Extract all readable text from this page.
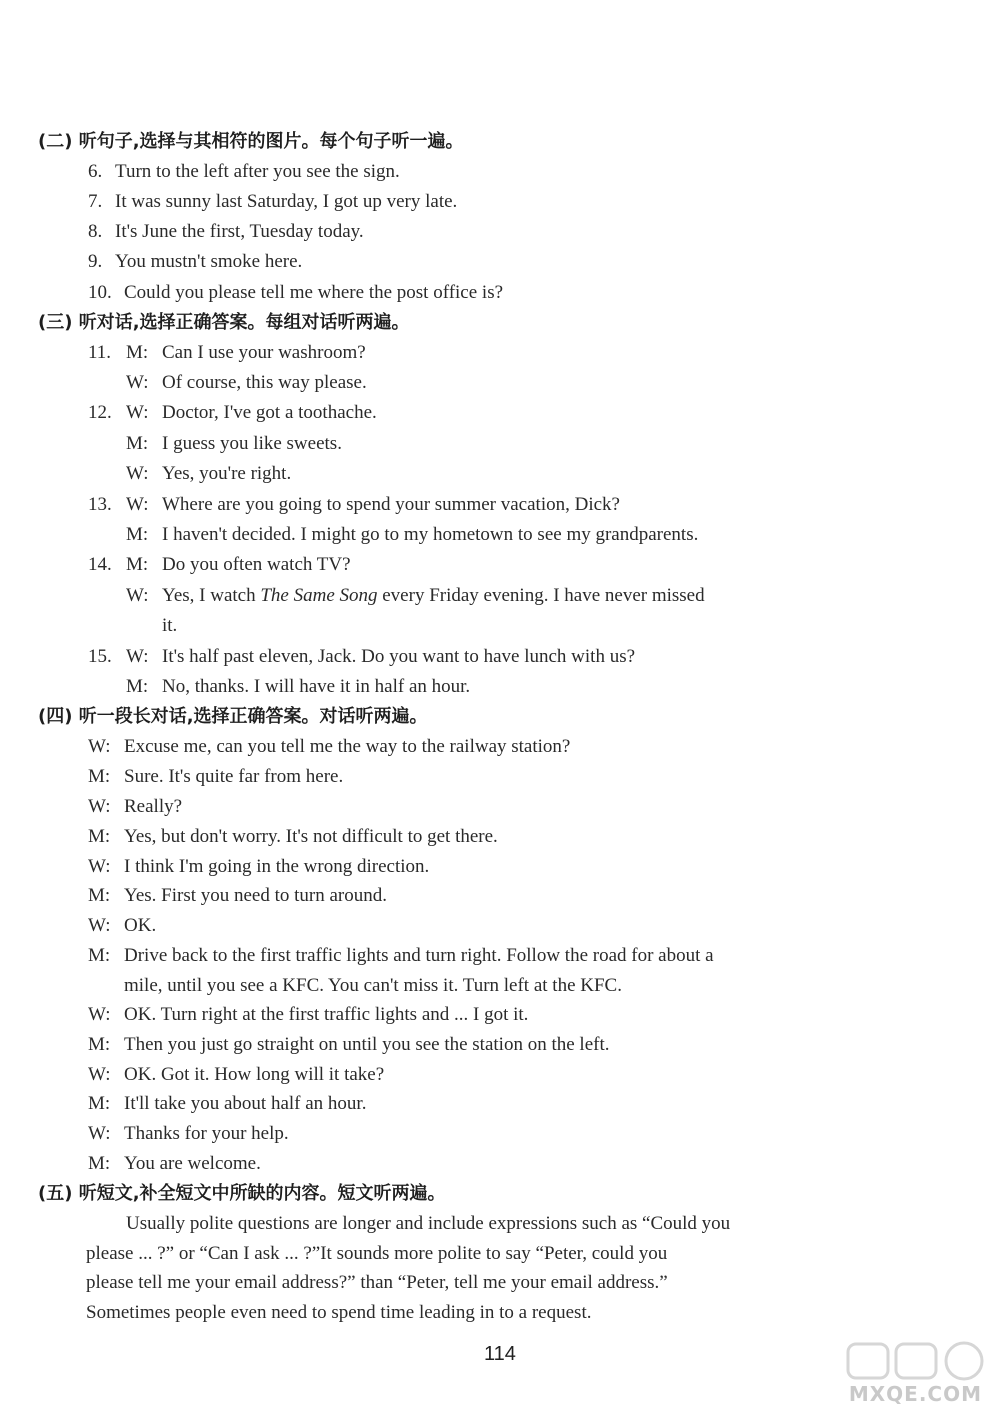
(二) 听句子,选择与其相符的图片。每个句子听一遍。
6. Turn to the left after you see the sign.
7. It was sunny last Saturday, I got up very late.
8. It's June the first, Tuesday today.
9. You mustn't smoke here.
10. Could you please tell me where the post office is?
(三) 听对话,选择正确答案。每组对话听两遍。
11. M: Can I use your washroom?
W: Of course, this way please.
12. W: Doctor, I've got a toothache.
M: I guess you like sweets.
W: Yes, you're right.
13. W: Where are you going to spend your summer vacation, Dick?
M: I haven't decided. I might go to my hometown to see my grandparents.
14. M: Do you often watch TV?
W: Yes, I watch The Same Song every Friday evening. I have never missed
it.
15. W: It's half past eleven, Jack. Do you want to have lunch with us?
M: No, thanks. I will have it in half an hour.
(四) 听一段长对话,选择正确答案。对话听两遍。
W: Excuse me, can you tell me the way to the railway station?
M: Sure. It's quite far from here.
W: Really?
M: Yes, but don't worry. It's not difficult to get there.
W: I think I'm going in the wrong direction.
M: Yes. First you need to turn around.
W: OK.
M: Drive back to the first traffic lights and turn right. Follow the road for about a
mile, until you see a KFC. You can't miss it. Turn left at the KFC.
W: OK. Turn right at the first traffic lights and ... I got it.
M: Then you just go straight on until you see the station on the left.
W: OK. Got it. How long will it take?
M: It'll take you about half an hour.
W: Thanks for your help.
M: You are welcome.
(五) 听短文,补全短文中所缺的内容。短文听两遍。
Usually polite questions are longer and include expressions such as “Could you
please ... ?” or “Can I ask ... ?”It sounds more polite to say “Peter, could you
please tell me your email address?” than “Peter, tell me your email address.”
Sometimes people even need to spend time leading in to a request.
114
MXQE.COM
